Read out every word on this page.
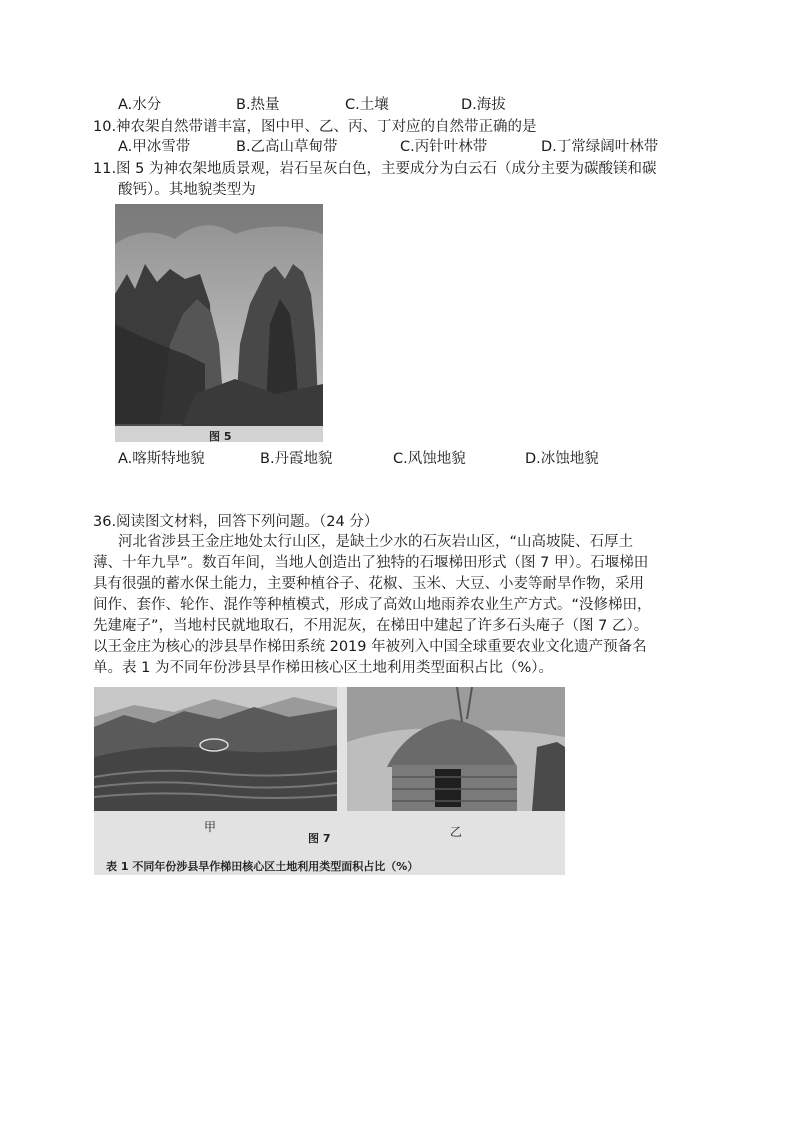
A.水分	B.热量	C.土壤	D.海拔
10.神农架自然带谱丰富，图中甲、乙、丙、丁对应的自然带正确的是
A.甲冰雪带	B.乙高山草甸带	C.丙针叶林带	D.丁常绿阔叶林带
11.图 5 为神农架地质景观，岩石呈灰白色，主要成分为白云石（成分主要为碳酸镁和碳
酸钙）。其地貌类型为
图 5
A.喀斯特地貌	B.丹霞地貌	C.风蚀地貌	D.冰蚀地貌
36.阅读图文材料，回答下列问题。（24 分）
河北省涉县王金庄地处太行山区，是缺土少水的石灰岩山区，“山高坡陡、石厚土
薄、十年九旱”。数百年间，当地人创造出了独特的石堰梯田形式（图 7 甲）。石堰梯田
具有很强的蓄水保土能力，主要种植谷子、花椒、玉米、大豆、小麦等耐旱作物，采用
间作、套作、轮作、混作等种植模式，形成了高效山地雨养农业生产方式。“没修梯田，
先建庵子”，当地村民就地取石，不用泥灰，在梯田中建起了许多石头庵子（图 7 乙）。
以王金庄为核心的涉县旱作梯田系统 2019 年被列入中国全球重要农业文化遗产预备名
单。表 1 为不同年份涉县旱作梯田核心区土地利用类型面积占比（%）。
甲	乙
图 7
表 1 不同年份涉县旱作梯田核心区土地利用类型面积占比（%）
